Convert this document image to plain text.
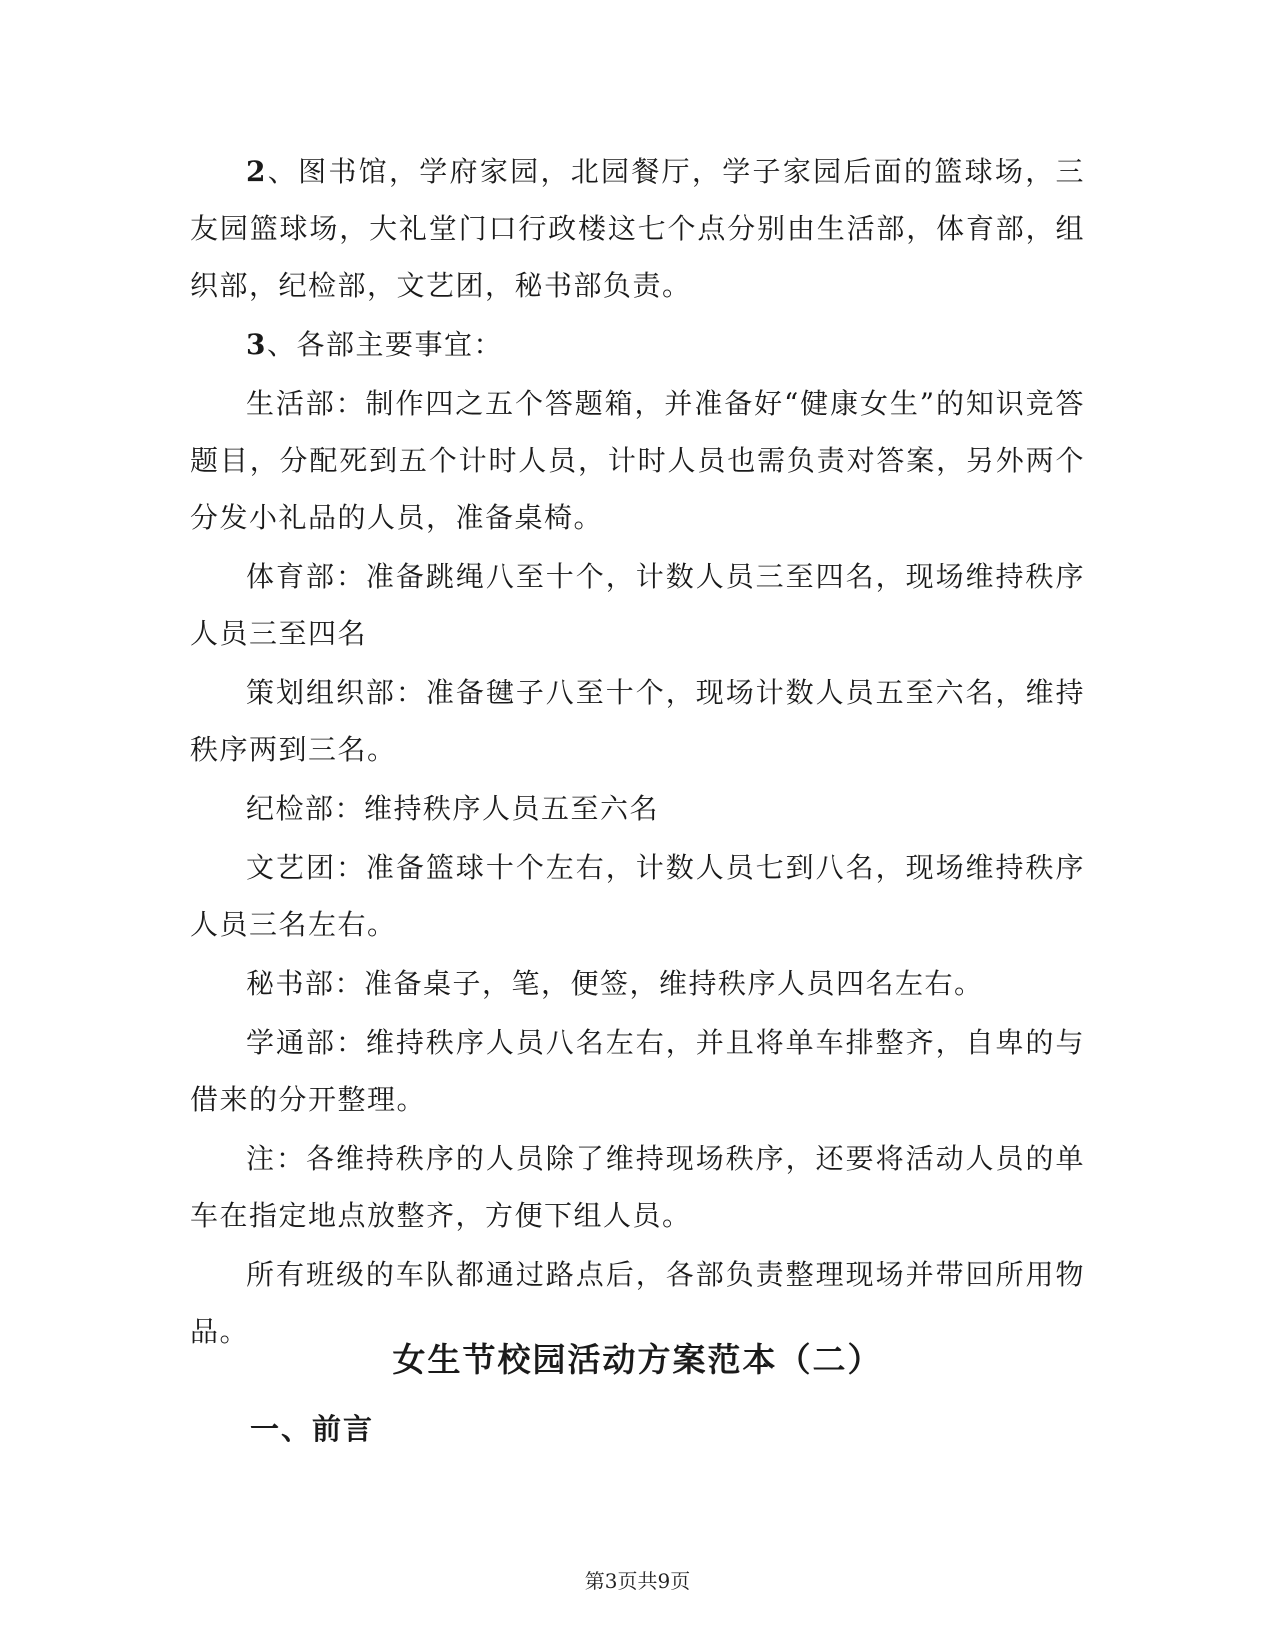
2、图书馆，学府家园，北园餐厅，学子家园后面的篮球场，三友园篮球场，大礼堂门口行政楼这七个点分别由生活部，体育部，组织部，纪检部，文艺团，秘书部负责。

3、各部主要事宜：

生活部：制作四之五个答题箱，并准备好“健康女生”的知识竞答题目，分配死到五个计时人员，计时人员也需负责对答案，另外两个分发小礼品的人员，准备桌椅。

体育部：准备跳绳八至十个，计数人员三至四名，现场维持秩序人员三至四名

策划组织部：准备毽子八至十个，现场计数人员五至六名，维持秩序两到三名。

纪检部：维持秩序人员五至六名

文艺团：准备篮球十个左右，计数人员七到八名，现场维持秩序人员三名左右。

秘书部：准备桌子，笔，便签，维持秩序人员四名左右。

学通部：维持秩序人员八名左右，并且将单车排整齐，自卑的与借来的分开整理。

注：各维持秩序的人员除了维持现场秩序，还要将活动人员的单车在指定地点放整齐，方便下组人员。

所有班级的车队都通过路点后，各部负责整理现场并带回所用物品。

女生节校园活动方案范本（二）
一、前言
第3页共9页
